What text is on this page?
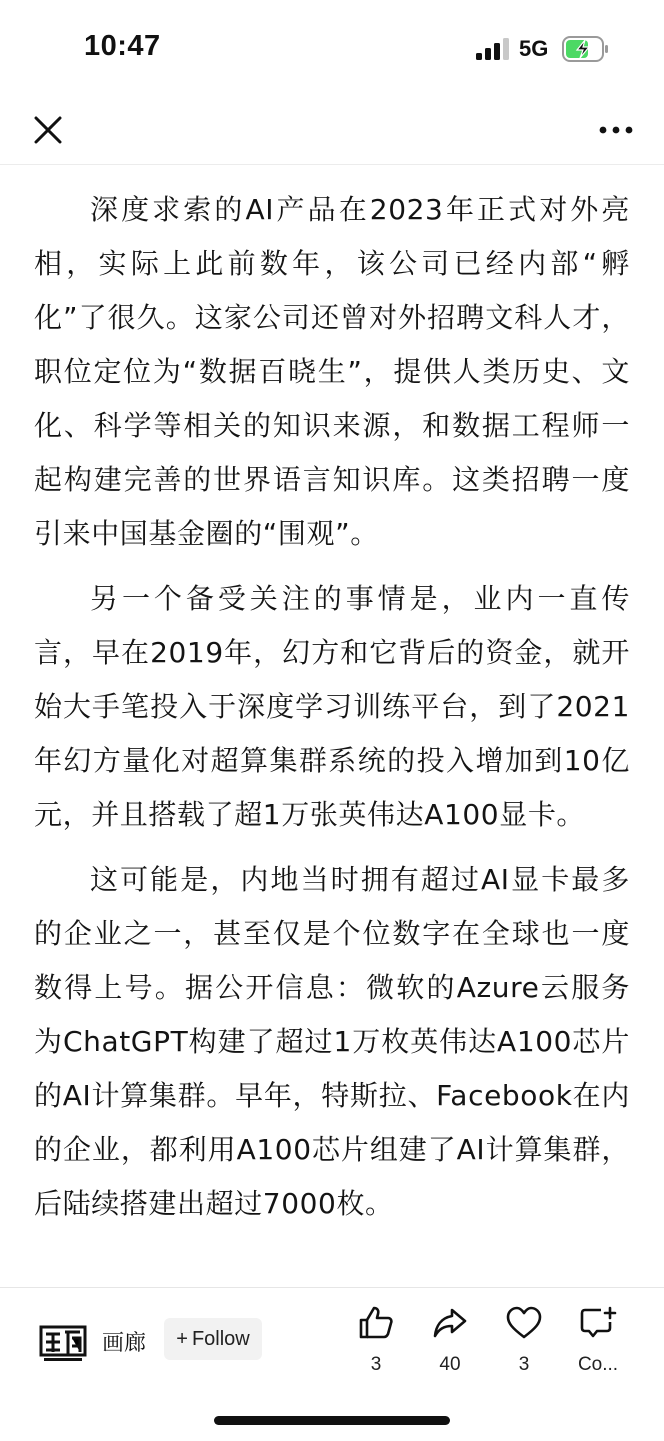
10:47	5G

深度求索的AI产品在2023年正式对外亮相，实际上此前数年，该公司已经内部“孵化”了很久。这家公司还曾对外招聘文科人才，职位定位为“数据百晓生”，提供人类历史、文化、科学等相关的知识来源，和数据工程师一起构建完善的世界语言知识库。这类招聘一度引来中国基金圈的“围观”。

另一个备受关注的事情是，业内一直传言，早在2019年，幻方和它背后的资金，就开始大手笔投入于深度学习训练平台，到了2021年幻方量化对超算集群系统的投入增加到10亿元，并且搭载了超1万张英伟达A100显卡。

这可能是，内地当时拥有超过AI显卡最多的企业之一，甚至仅是个位数字在全球也一度数得上号。据公开信息：微软的Azure云服务为ChatGPT构建了超过1万枚英伟达A100芯片的AI计算集群。早年，特斯拉、Facebook在内的企业，都利用A100芯片组建了AI计算集群，后陆续搭建出超过7000枚。

画廊 + Follow
3	40	3	Co...
